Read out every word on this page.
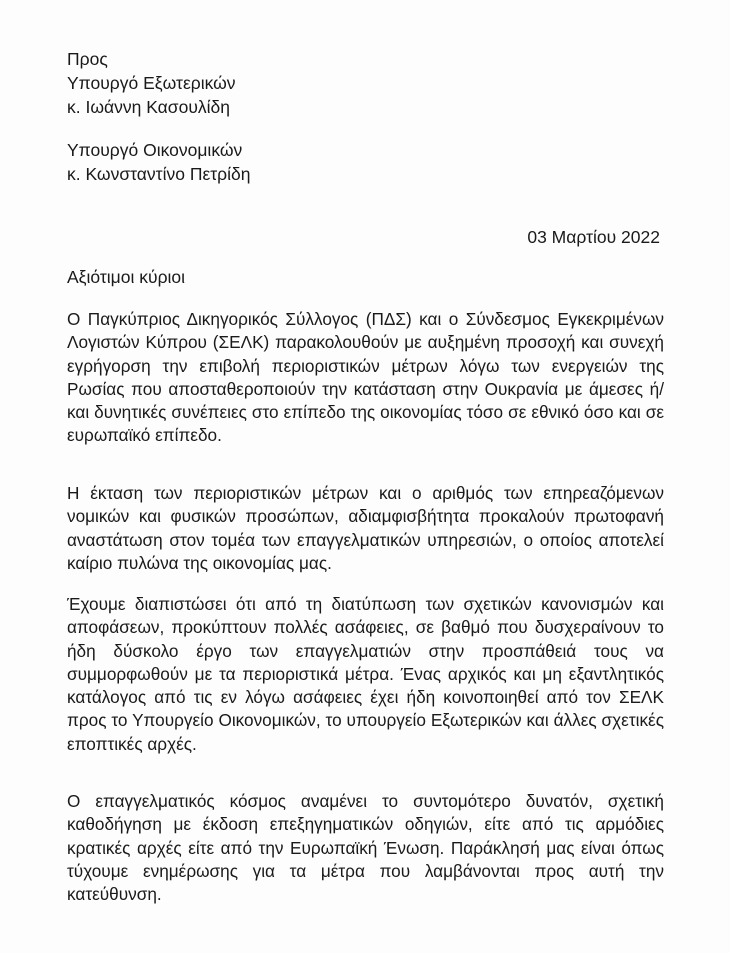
Προς
Υπουργό Εξωτερικών
κ. Ιωάννη Κασουλίδη
Υπουργό Οικονομικών
κ. Κωνσταντίνο Πετρίδη
03 Μαρτίου 2022
Αξιότιμοι κύριοι

Ο Παγκύπριος Δικηγορικός Σύλλογος (ΠΔΣ) και ο Σύνδεσμος Εγκεκριμένων Λογιστών Κύπρου (ΣΕΛΚ) παρακολουθούν με αυξημένη προσοχή και συνεχή εγρήγορση την επιβολή περιοριστικών μέτρων λόγω των ενεργειών της Ρωσίας που αποσταθεροποιούν την κατάσταση στην Ουκρανία με άμεσες ή/και δυνητικές συνέπειες στο επίπεδο της οικονομίας τόσο σε εθνικό όσο και σε ευρωπαϊκό επίπεδο.

Η έκταση των περιοριστικών μέτρων και ο αριθμός των επηρεαζόμενων νομικών και φυσικών προσώπων, αδιαμφισβήτητα προκαλούν πρωτοφανή αναστάτωση στον τομέα των επαγγελματικών υπηρεσιών, ο οποίος αποτελεί καίριο πυλώνα της οικονομίας μας.

Έχουμε διαπιστώσει ότι από τη διατύπωση των σχετικών κανονισμών και αποφάσεων, προκύπτουν πολλές ασάφειες, σε βαθμό που δυσχεραίνουν το ήδη δύσκολο έργο των επαγγελματιών στην προσπάθειά τους να συμμορφωθούν με τα περιοριστικά μέτρα. Ένας αρχικός και μη εξαντλητικός κατάλογος από τις εν λόγω ασάφειες έχει ήδη κοινοποιηθεί από τον ΣΕΛΚ προς το Υπουργείο Οικονομικών, το υπουργείο Εξωτερικών και άλλες σχετικές εποπτικές αρχές.

Ο επαγγελματικός κόσμος αναμένει το συντομότερο δυνατόν, σχετική καθοδήγηση με έκδοση επεξηγηματικών οδηγιών, είτε από τις αρμόδιες κρατικές αρχές είτε από την Ευρωπαϊκή Ένωση. Παράκλησή μας είναι όπως τύχουμε ενημέρωσης για τα μέτρα που λαμβάνονται προς αυτή την κατεύθυνση.
